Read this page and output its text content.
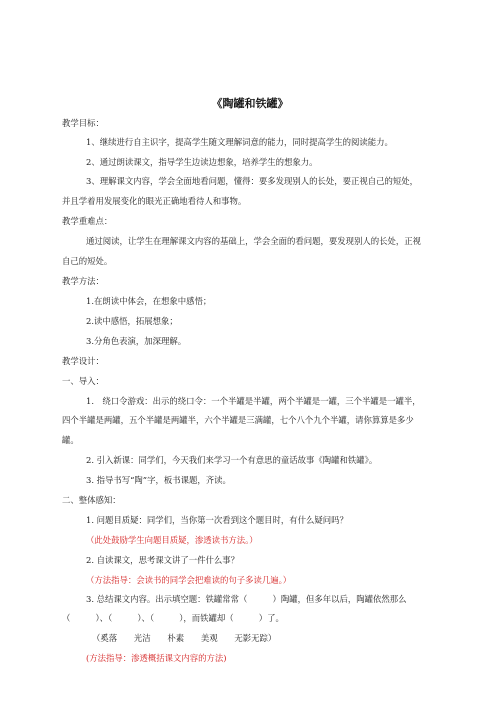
《陶罐和铁罐》
教学目标：
1、继续进行自主识字，提高学生随文理解词意的能力，同时提高学生的阅读能力。
2、通过朗读课文，指导学生边读边想象，培养学生的想象力。
3、理解课文内容，学会全面地看问题，懂得：要多发现别人的长处，要正视自己的短处，
并且学着用发展变化的眼光正确地看待人和事物。
教学重难点：
通过阅读，让学生在理解课文内容的基础上，学会全面的看问题，要发现别人的长处，正视
自己的短处。
教学方法：
1.在朗读中体会，在想象中感悟；
2.读中感悟，拓展想象；
3.分角色表演，加深理解。
教学设计：
一、导入：
1.　绕口令游戏：出示的绕口令：一个半罐是半罐，两个半罐是一罐，三个半罐是一罐半，
四个半罐是两罐，五个半罐是两罐半，六个半罐是三满罐，七个八个九个半罐，请你算算是多少
罐。
2. 引入新课：同学们，今天我们来学习一个有意思的童话故事《陶罐和铁罐》。
3. 指导书写“陶”字，板书课题，齐读。
二、整体感知：
1. 问题目质疑：同学们，当你第一次看到这个题目时，有什么疑问吗？
（此处鼓励学生向题目质疑，渗透读书方法。）
2. 自读课文，思考课文讲了一件什么事？
（方法指导：会读书的同学会把难读的句子多读几遍。）
3. 总结课文内容。出示填空题：铁罐常常（　　　）陶罐，但多年以后，陶罐依然那么
（　　　）、（　　　）、（　　　），而铁罐却（　　　）了。
（奚落　　光洁　　朴素　　美观　　无影无踪）
(方法指导：渗透概括课文内容的方法)
